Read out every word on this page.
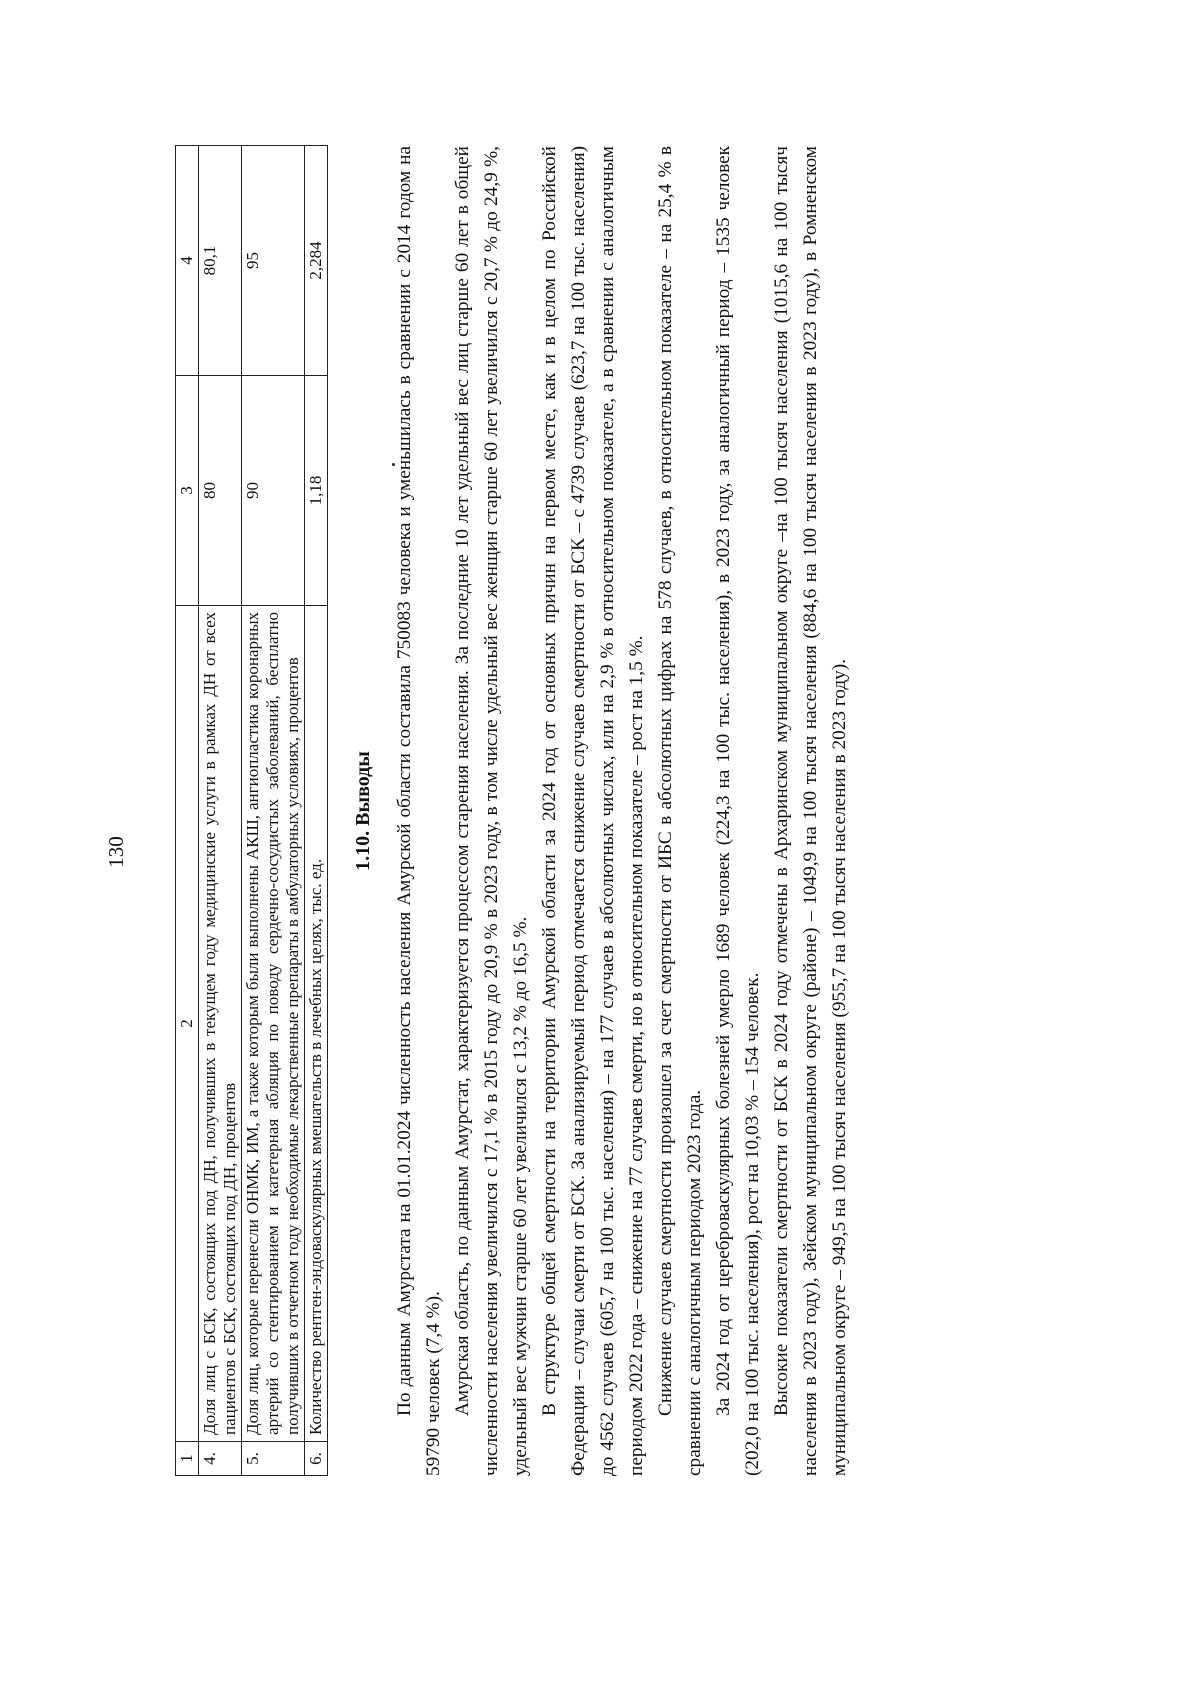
130
1	2	3	4
4.	Доля лиц с БСК, состоящих под ДН, получивших в текущем году медицинские услуги в рамках ДН от всех пациентов с БСК, состоящих под ДН, процентов	80	80,1
5.	Доля лиц, которые перенесли ОНМК, ИМ, а также которым были выполнены АКШ, ангиопластика коронарных артерий со стентированием и катетерная абляция по поводу сердечно-сосудистых заболеваний, бесплатно получивших в отчетном году необходимые лекарственные препараты в амбулаторных условиях, процентов	90	95
6.	Количество рентген-эндоваскулярных вмешательств в лечебных целях, тыс. ед.	1,18	2,284
1.10. Выводы По данным Амурстата на 01.01.2024 численность населения Амурской области составила 750083 человека и уменьшилась в сравнении с 2014 годом на 59790 человек (7,4 %). Амурская область, по данным Амурстат, характеризуется процессом старения населения. За последние 10 лет удельный вес лиц старше 60 лет в общей численности населения увеличился с 17,1 % в 2015 году до 20,9 % в 2023 году, в том числе удельный вес женщин старше 60 лет увеличился с 20,7 % до 24,9 %, удельный вес мужчин старше 60 лет увеличился с 13,2 % до 16,5 %. В структуре общей смертности на территории Амурской области за 2024 год от основных причин на первом месте, как и в целом по Российской Федерации – случаи смерти от БСК. За анализируемый период отмечается снижение случаев смертности от БСК – с 4739 случаев (623,7 на 100 тыс. населения) до 4562 случаев (605,7 на 100 тыс. населения) – на 177 случаев в абсолютных числах, или на 2,9 % в относительном показателе, а в сравнении с аналогичным периодом 2022 года – снижение на 77 случаев смерти, но в относительном показателе – рост на 1,5 %. Снижение случаев смертности произошел за счет смертности от ИБС в абсолютных цифрах на 578 случаев, в относительном показателе – на 25,4 % в сравнении с аналогичным периодом 2023 года. За 2024 год от цереброваскулярных болезней умерло 1689 человек (224,3 на 100 тыс. населения), в 2023 году, за аналогичный период – 1535 человек (202,0 на 100 тыс. населения), рост на 10,03 % – 154 человек. Высокие показатели смертности от БСК в 2024 году отмечены в Архаринском муниципальном округе –на 100 тысяч населения (1015,6 на 100 тысяч населения в 2023 году), Зейском муниципальном округе (районе) – 1049,9 на 100 тысяч населения (884,6 на 100 тысяч населения в 2023 году), в Ромненском муниципальном округе – 949,5 на 100 тысяч населения (955,7 на 100 тысяч населения в 2023 году).
